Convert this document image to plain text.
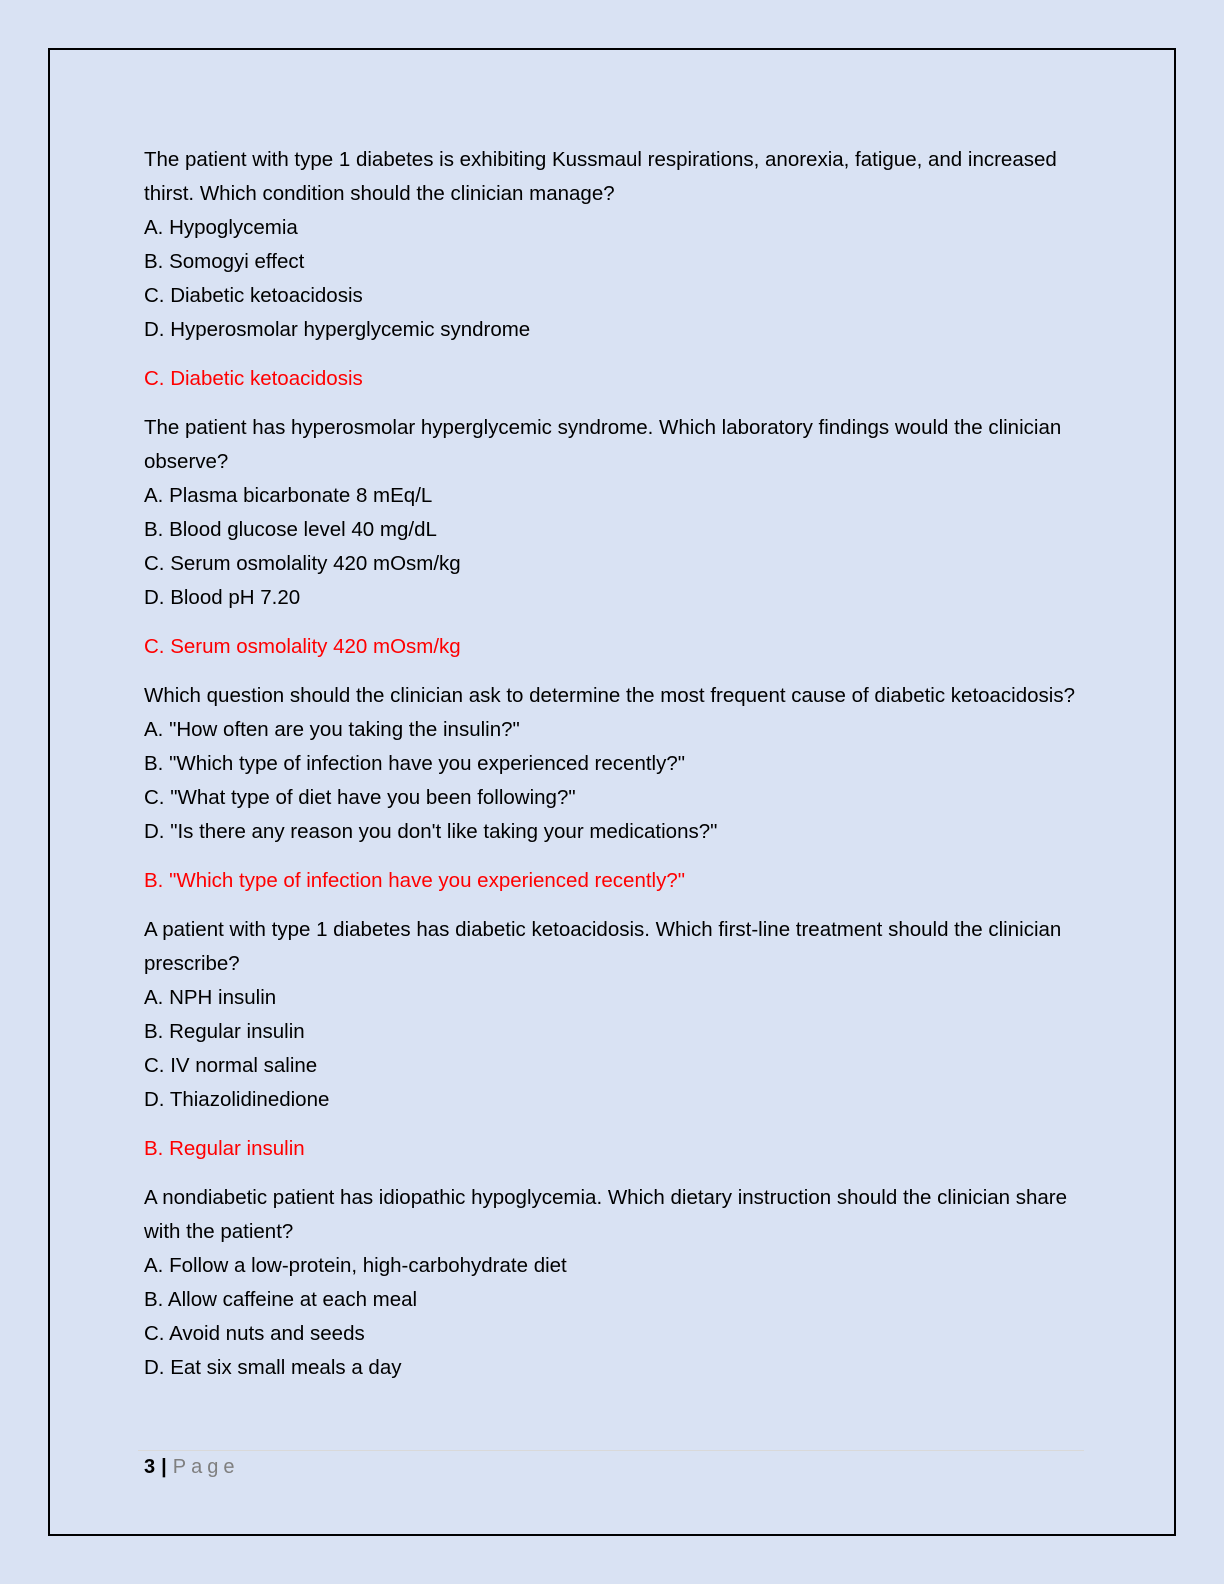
The patient with type 1 diabetes is exhibiting Kussmaul respirations, anorexia, fatigue, and increased thirst. Which condition should the clinician manage?

A. Hypoglycemia

B. Somogyi effect

C. Diabetic ketoacidosis

D. Hyperosmolar hyperglycemic syndrome

C. Diabetic ketoacidosis

The patient has hyperosmolar hyperglycemic syndrome. Which laboratory findings would the clinician observe?

A. Plasma bicarbonate 8 mEq/L

B. Blood glucose level 40 mg/dL

C. Serum osmolality 420 mOsm/kg

D. Blood pH 7.20

C. Serum osmolality 420 mOsm/kg

Which question should the clinician ask to determine the most frequent cause of diabetic ketoacidosis?

A. "How often are you taking the insulin?"

B. "Which type of infection have you experienced recently?"

C. "What type of diet have you been following?"

D. "Is there any reason you don't like taking your medications?"

B. "Which type of infection have you experienced recently?"

A patient with type 1 diabetes has diabetic ketoacidosis. Which first-line treatment should the clinician prescribe?

A. NPH insulin

B. Regular insulin

C. IV normal saline

D. Thiazolidinedione

B. Regular insulin

A nondiabetic patient has idiopathic hypoglycemia. Which dietary instruction should the clinician share with the patient?

A. Follow a low-protein, high-carbohydrate diet

B. Allow caffeine at each meal

C. Avoid nuts and seeds

D. Eat six small meals a day

3 | Page
